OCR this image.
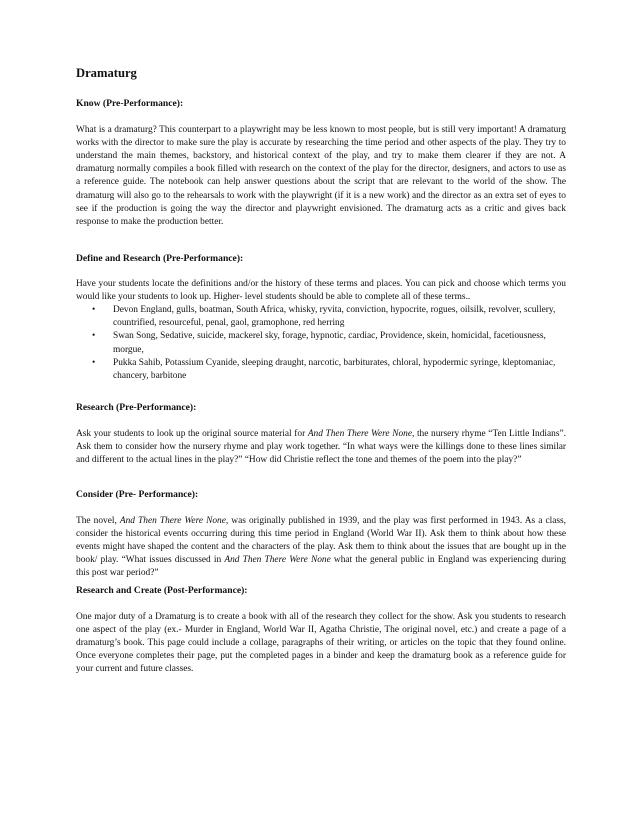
Dramaturg
Know (Pre-Performance):

What is a dramaturg? This counterpart to a playwright may be less known to most people, but is still very important! A dramaturg works with the director to make sure the play is accurate by researching the time period and other aspects of the play. They try to understand the main themes, backstory, and historical context of the play, and try to make them clearer if they are not. A dramaturg normally compiles a book filled with research on the context of the play for the director, designers, and actors to use as a reference guide. The notebook can help answer questions about the script that are relevant to the world of the show. The dramaturg will also go to the rehearsals to work with the playwright (if it is a new work) and the director as an extra set of eyes to see if the production is going the way the director and playwright envisioned. The dramaturg acts as a critic and gives back response to make the production better.

Define and Research (Pre-Performance):

Have your students locate the definitions and/or the history of these terms and places. You can pick and choose which terms you would like your students to look up. Higher- level students should be able to complete all of these terms..

• Devon England, gulls, boatman, South Africa, whisky, ryvita, conviction, hypocrite, rogues, oilsilk, revolver, scullery, countrified, resourceful, penal, gaol, gramophone, red herring
• Swan Song, Sedative, suicide, mackerel sky, forage, hypnotic, cardiac, Providence, skein, homicidal, facetiousness, morgue,
• Pukka Sahib, Potassium Cyanide, sleeping draught, narcotic, barbiturates, chloral, hypodermic syringe, kleptomaniac, chancery, barbitone
Research (Pre-Performance):

Ask your students to look up the original source material for And Then There Were None, the nursery rhyme “Ten Little Indians”. Ask them to consider how the nursery rhyme and play work together. “In what ways were the killings done to these lines similar and different to the actual lines in the play?” “How did Christie reflect the tone and themes of the poem into the play?”

Consider (Pre- Performance):

The novel, And Then There Were None, was originally published in 1939, and the play was first performed in 1943. As a class, consider the historical events occurring during this time period in England (World War II). Ask them to think about how these events might have shaped the content and the characters of the play. Ask them to think about the issues that are bought up in the book/ play. “What issues discussed in And Then There Were None what the general public in England was experiencing during this post war period?”

Research and Create (Post-Performance):

One major duty of a Dramaturg is to create a book with all of the research they collect for the show. Ask you students to research one aspect of the play (ex.- Murder in England, World War II, Agatha Christie, The original novel, etc.) and create a page of a dramaturg’s book. This page could include a collage, paragraphs of their writing, or articles on the topic that they found online. Once everyone completes their page, put the completed pages in a binder and keep the dramaturg book as a reference guide for your current and future classes.
